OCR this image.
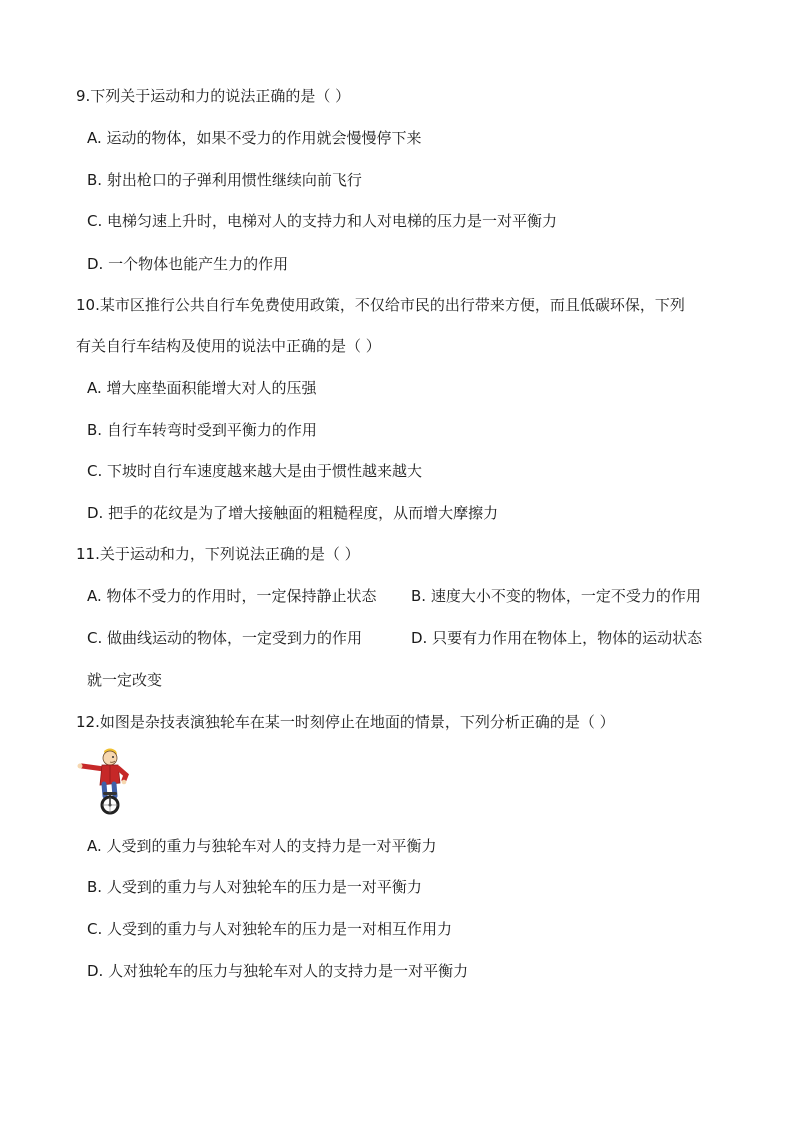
9.下列关于运动和力的说法正确的是（ ）
A. 运动的物体，如果不受力的作用就会慢慢停下来
B. 射出枪口的子弹利用惯性继续向前飞行
C. 电梯匀速上升时，电梯对人的支持力和人对电梯的压力是一对平衡力
D. 一个物体也能产生力的作用
10.某市区推行公共自行车免费使用政策，不仅给市民的出行带来方便，而且低碳环保，下列
有关自行车结构及使用的说法中正确的是（ ）
A. 增大座垫面积能增大对人的压强
B. 自行车转弯时受到平衡力的作用
C. 下坡时自行车速度越来越大是由于惯性越来越大
D. 把手的花纹是为了增大接触面的粗糙程度，从而增大摩擦力
11.关于运动和力，下列说法正确的是（ ）
A. 物体不受力的作用时，一定保持静止状态 B. 速度大小不变的物体，一定不受力的作用
C. 做曲线运动的物体，一定受到力的作用	D. 只要有力作用在物体上，物体的运动状态
就一定改变
12.如图是杂技表演独轮车在某一时刻停止在地面的情景，下列分析正确的是（ ）
A. 人受到的重力与独轮车对人的支持力是一对平衡力
B. 人受到的重力与人对独轮车的压力是一对平衡力
C. 人受到的重力与人对独轮车的压力是一对相互作用力
D. 人对独轮车的压力与独轮车对人的支持力是一对平衡力
